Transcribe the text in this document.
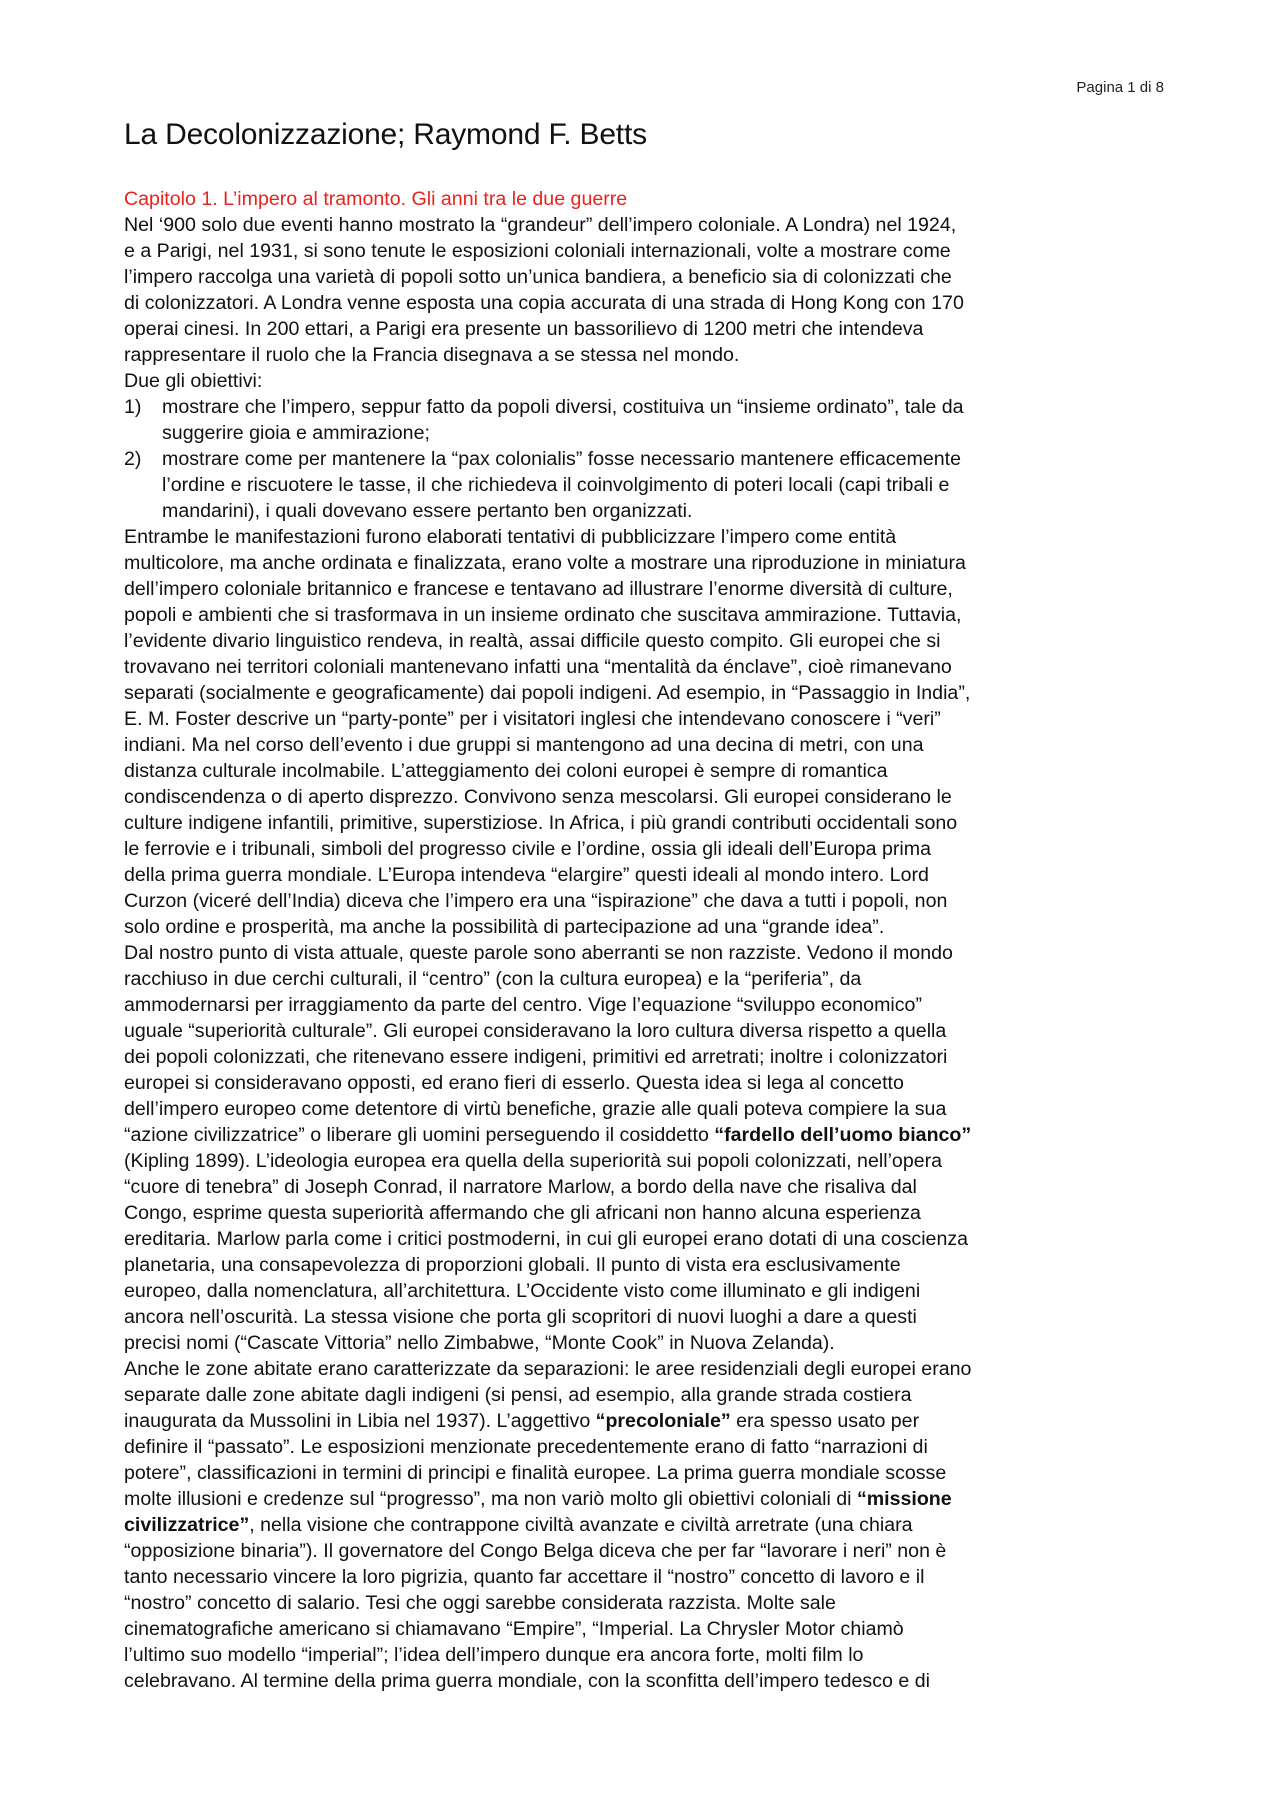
Pagina 1 di 8
La Decolonizzazione; Raymond F. Betts
Capitolo 1. L’impero al tramonto. Gli anni tra le due guerre
Nel ‘900 solo due eventi hanno mostrato la “grandeur” dell’impero coloniale. A Londra) nel 1924,
e a Parigi, nel 1931, si sono tenute le esposizioni coloniali internazionali, volte a mostrare come
l’impero raccolga una varietà di popoli sotto un’unica bandiera, a beneficio sia di colonizzati che
di colonizzatori. A Londra venne esposta una copia accurata di una strada di Hong Kong con 170
operai cinesi. In 200 ettari, a Parigi era presente un bassorilievo di 1200 metri che intendeva
rappresentare il ruolo che la Francia disegnava a se stessa nel mondo.
Due gli obiettivi:
1) mostrare che l’impero, seppur fatto da popoli diversi, costituiva un “insieme ordinato”, tale da
suggerire gioia e ammirazione;
2) mostrare come per mantenere la “pax colonialis” fosse necessario mantenere efficacemente
l’ordine e riscuotere le tasse, il che richiedeva il coinvolgimento di poteri locali (capi tribali e
mandarini), i quali dovevano essere pertanto ben organizzati.
Entrambe le manifestazioni furono elaborati tentativi di pubblicizzare l’impero come entità
multicolore, ma anche ordinata e finalizzata, erano volte a mostrare una riproduzione in miniatura
dell’impero coloniale britannico e francese e tentavano ad illustrare l’enorme diversità di culture,
popoli e ambienti che si trasformava in un insieme ordinato che suscitava ammirazione. Tuttavia,
l’evidente divario linguistico rendeva, in realtà, assai difficile questo compito. Gli europei che si
trovavano nei territori coloniali mantenevano infatti una “mentalità da énclave”, cioè rimanevano
separati (socialmente e geograficamente) dai popoli indigeni. Ad esempio, in “Passaggio in India”,
E. M. Foster descrive un “party-ponte” per i visitatori inglesi che intendevano conoscere i “veri”
indiani. Ma nel corso dell’evento i due gruppi si mantengono ad una decina di metri, con una
distanza culturale incolmabile. L’atteggiamento dei coloni europei è sempre di romantica
condiscendenza o di aperto disprezzo. Convivono senza mescolarsi. Gli europei considerano le
culture indigene infantili, primitive, superstiziose. In Africa, i più grandi contributi occidentali sono
le ferrovie e i tribunali, simboli del progresso civile e l’ordine, ossia gli ideali dell’Europa prima
della prima guerra mondiale. L’Europa intendeva “elargire” questi ideali al mondo intero. Lord
Curzon (viceré dell’India) diceva che l’impero era una “ispirazione” che dava a tutti i popoli, non
solo ordine e prosperità, ma anche la possibilità di partecipazione ad una “grande idea”.
Dal nostro punto di vista attuale, queste parole sono aberranti se non razziste. Vedono il mondo
racchiuso in due cerchi culturali, il “centro” (con la cultura europea) e la “periferia”, da
ammodernarsi per irraggiamento da parte del centro. Vige l’equazione “sviluppo economico”
uguale “superiorità culturale”. Gli europei consideravano la loro cultura diversa rispetto a quella
dei popoli colonizzati, che ritenevano essere indigeni, primitivi ed arretrati; inoltre i colonizzatori
europei si consideravano opposti, ed erano fieri di esserlo. Questa idea si lega al concetto
dell’impero europeo come detentore di virtù benefiche, grazie alle quali poteva compiere la sua
“azione civilizzatrice” o liberare gli uomini perseguendo il cosiddetto “fardello dell’uomo bianco”
(Kipling 1899). L’ideologia europea era quella della superiorità sui popoli colonizzati, nell’opera
“cuore di tenebra” di Joseph Conrad, il narratore Marlow, a bordo della nave che risaliva dal
Congo, esprime questa superiorità affermando che gli africani non hanno alcuna esperienza
ereditaria. Marlow parla come i critici postmoderni, in cui gli europei erano dotati di una coscienza
planetaria, una consapevolezza di proporzioni globali. Il punto di vista era esclusivamente
europeo, dalla nomenclatura, all’architettura. L’Occidente visto come illuminato e gli indigeni
ancora nell’oscurità. La stessa visione che porta gli scopritori di nuovi luoghi a dare a questi
precisi nomi (“Cascate Vittoria” nello Zimbabwe, “Monte Cook” in Nuova Zelanda).
Anche le zone abitate erano caratterizzate da separazioni: le aree residenziali degli europei erano
separate dalle zone abitate dagli indigeni (si pensi, ad esempio, alla grande strada costiera
inaugurata da Mussolini in Libia nel 1937). L’aggettivo “precoloniale” era spesso usato per
definire il “passato”. Le esposizioni menzionate precedentemente erano di fatto “narrazioni di
potere”, classificazioni in termini di principi e finalità europee. La prima guerra mondiale scosse
molte illusioni e credenze sul “progresso”, ma non variò molto gli obiettivi coloniali di “missione
civilizzatrice”, nella visione che contrappone civiltà avanzate e civiltà arretrate (una chiara
“opposizione binaria”). Il governatore del Congo Belga diceva che per far “lavorare i neri” non è
tanto necessario vincere la loro pigrizia, quanto far accettare il “nostro” concetto di lavoro e il
“nostro” concetto di salario. Tesi che oggi sarebbe considerata razzista. Molte sale
cinematografiche americano si chiamavano “Empire”, “Imperial. La Chrysler Motor chiamò
l’ultimo suo modello “imperial”; l’idea dell’impero dunque era ancora forte, molti film lo
celebravano. Al termine della prima guerra mondiale, con la sconfitta dell’impero tedesco e di
